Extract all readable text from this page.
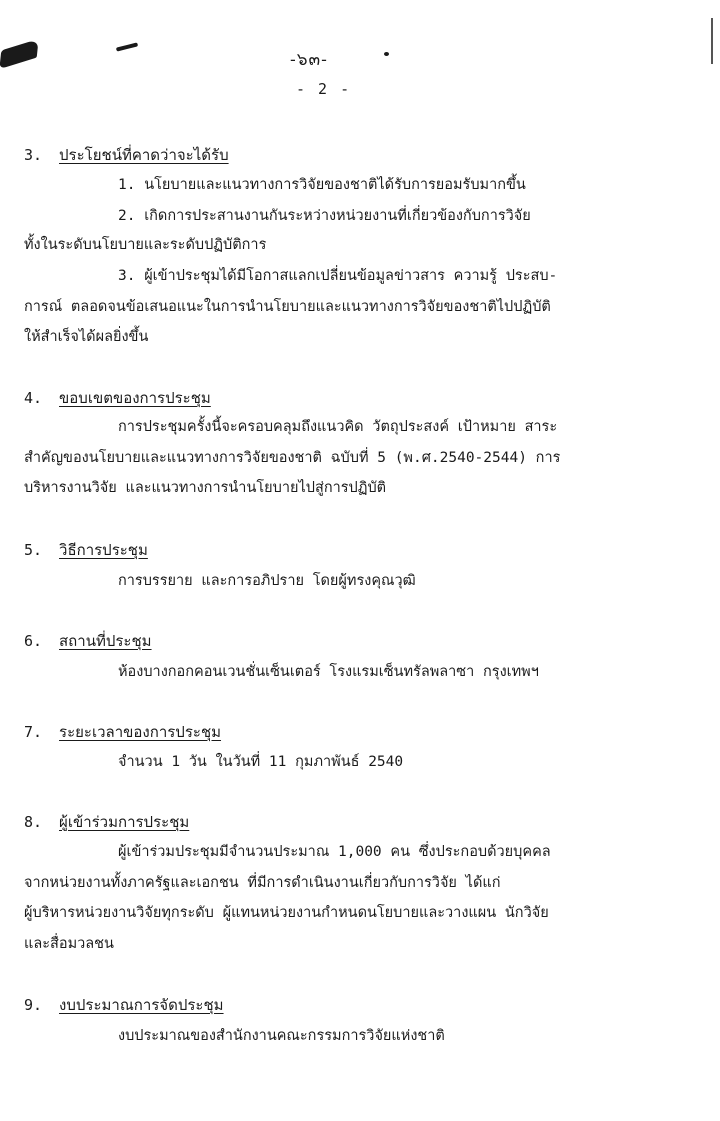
-๖๓-
- 2 -
3. ประโยชน์ที่คาดว่าจะได้รับ
1. นโยบายและแนวทางการวิจัยของชาติได้รับการยอมรับมากขึ้น
2. เกิดการประสานงานกันระหว่างหน่วยงานที่เกี่ยวข้องกับการวิจัย
ทั้งในระดับนโยบายและระดับปฏิบัติการ
3. ผู้เข้าประชุมได้มีโอกาสแลกเปลี่ยนข้อมูลข่าวสาร ความรู้ ประสบ-
การณ์ ตลอดจนข้อเสนอแนะในการนำนโยบายและแนวทางการวิจัยของชาติไปปฏิบัติ
ให้สำเร็จได้ผลยิ่งขึ้น
4. ขอบเขตของการประชุม
การประชุมครั้งนี้จะครอบคลุมถึงแนวคิด วัตถุประสงค์ เป้าหมาย สาระ
สำคัญของนโยบายและแนวทางการวิจัยของชาติ ฉบับที่ 5 (พ.ศ.2540-2544) การ
บริหารงานวิจัย และแนวทางการนำนโยบายไปสู่การปฏิบัติ
5. วิธีการประชุม
การบรรยาย และการอภิปราย โดยผู้ทรงคุณวุฒิ
6. สถานที่ประชุม
ห้องบางกอกคอนเวนชั่นเซ็นเตอร์ โรงแรมเซ็นทรัลพลาซา กรุงเทพฯ
7. ระยะเวลาของการประชุม
จำนวน 1 วัน ในวันที่ 11 กุมภาพันธ์ 2540
8. ผู้เข้าร่วมการประชุม
ผู้เข้าร่วมประชุมมีจำนวนประมาณ 1,000 คน ซึ่งประกอบด้วยบุคคล
จากหน่วยงานทั้งภาครัฐและเอกชน ที่มีการดำเนินงานเกี่ยวกับการวิจัย ได้แก่
ผู้บริหารหน่วยงานวิจัยทุกระดับ ผู้แทนหน่วยงานกำหนดนโยบายและวางแผน นักวิจัย
และสื่อมวลชน
9. งบประมาณการจัดประชุม
งบประมาณของสำนักงานคณะกรรมการวิจัยแห่งชาติ
